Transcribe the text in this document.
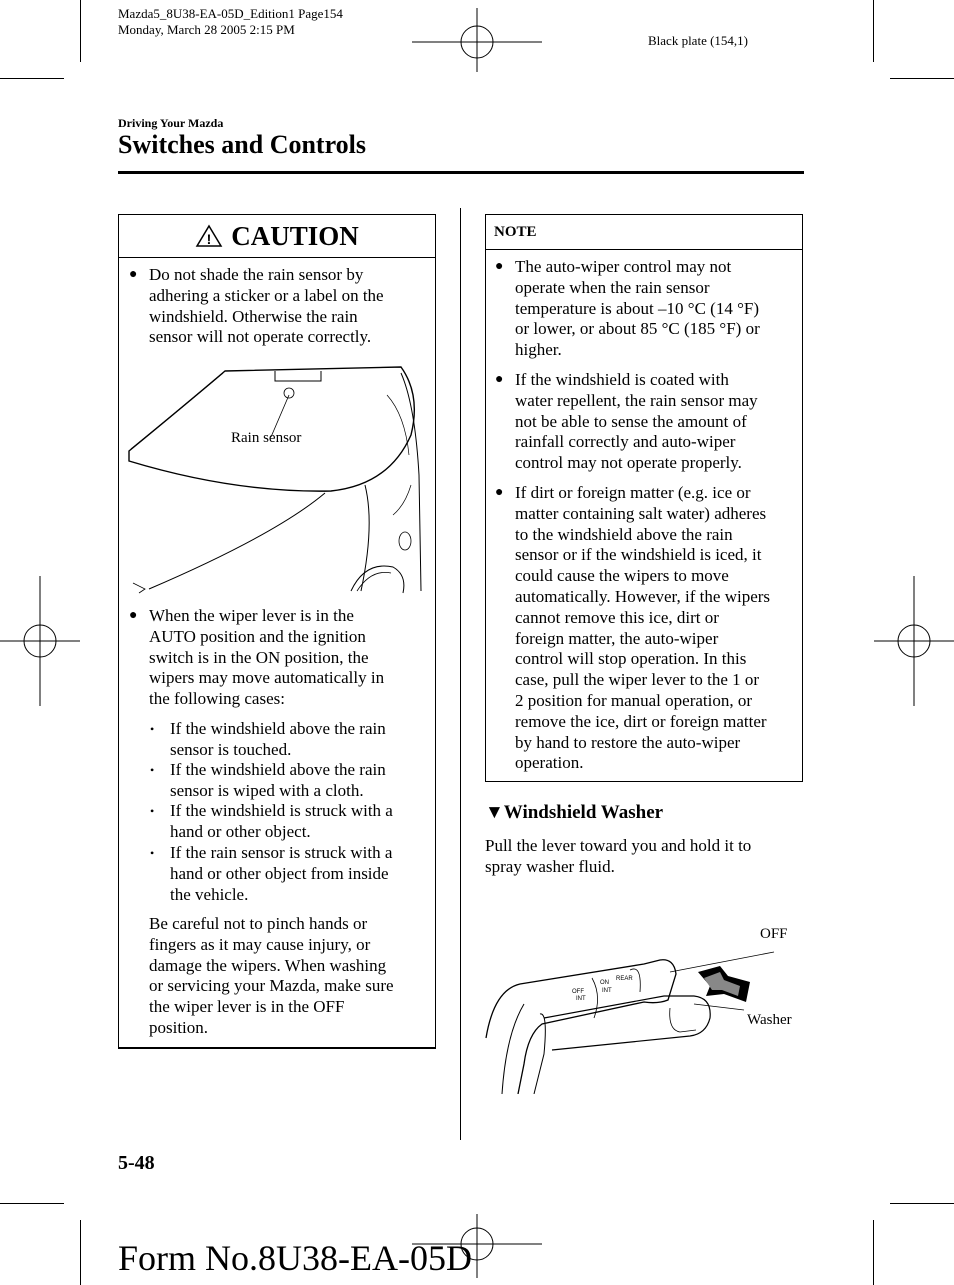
Mazda5_8U38-EA-05D_Edition1 Page154
Monday, March 28 2005 2:15 PM
Black plate (154,1)
Driving Your Mazda
Switches and Controls
! CAUTION
● Do not shade the rain sensor by
adhering a sticker or a label on the
windshield. Otherwise the rain
sensor will not operate correctly.
Rain sensor
● When the wiper lever is in the
AUTO position and the ignition
switch is in the ON position, the
wipers may move automatically in
the following cases:
• If the windshield above the rain
sensor is touched.
• If the windshield above the rain
sensor is wiped with a cloth.
• If the windshield is struck with a
hand or other object.
• If the rain sensor is struck with a
hand or other object from inside
the vehicle.
Be careful not to pinch hands or
fingers as it may cause injury, or
damage the wipers. When washing
or servicing your Mazda, make sure
the wiper lever is in the OFF
position.
NOTE
● The auto-wiper control may not
operate when the rain sensor
temperature is about –10 °C (14 °F)
or lower, or about 85 °C (185 °F) or
higher.
● If the windshield is coated with
water repellent, the rain sensor may
not be able to sense the amount of
rainfall correctly and auto-wiper
control may not operate properly.
● If dirt or foreign matter (e.g. ice or
matter containing salt water) adheres
to the windshield above the rain
sensor or if the windshield is iced, it
could cause the wipers to move
automatically. However, if the wipers
cannot remove this ice, dirt or
foreign matter, the auto-wiper
control will stop operation. In this
case, pull the wiper lever to the 1 or
2 position for manual operation, or
remove the ice, dirt or foreign matter
by hand to restore the auto-wiper
operation.
▼Windshield Washer
Pull the lever toward you and hold it to
spray washer fluid.
OFF
INT
ON
INT
REAR
OFF
Washer
5-48
Form No.8U38-EA-05D
